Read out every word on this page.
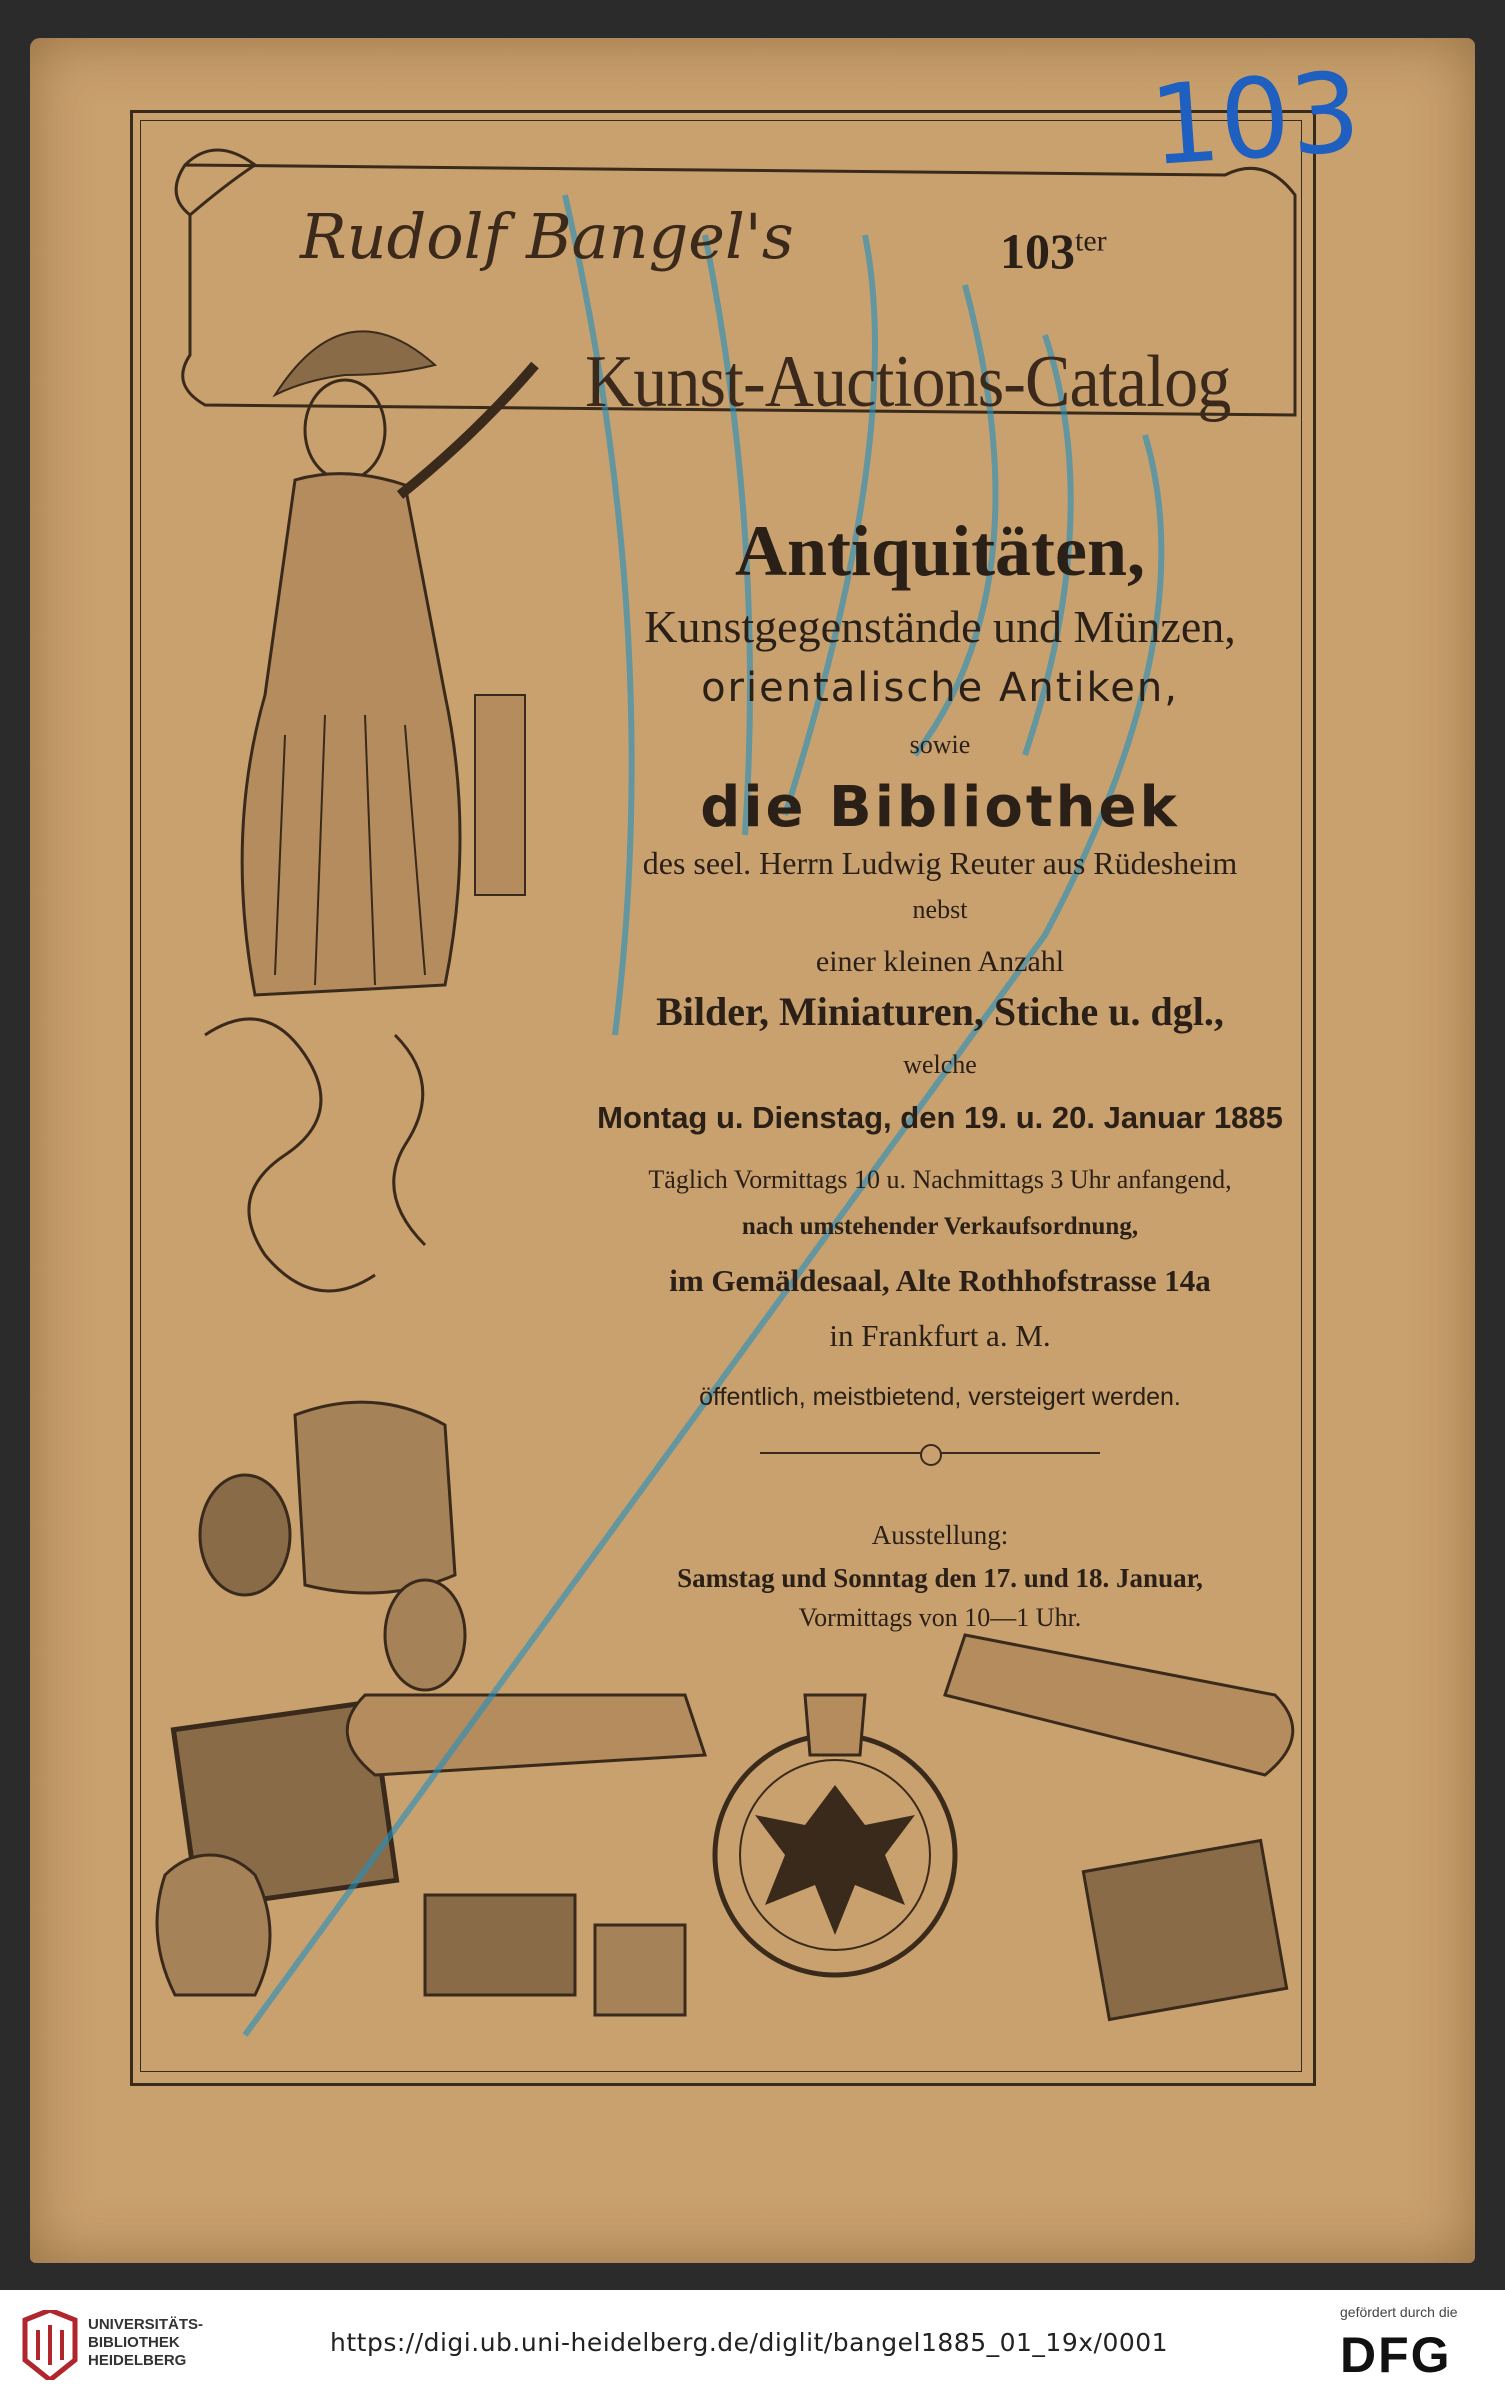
Rudolf Bangel's	$103^{ter}$
Kunst-Auctions-Catalog
103
Antiquitäten,
Kunstgegenstände und Münzen,
orientalische Antiken,
sowie
die Bibliothek
des seel. Herrn Ludwig Reuter aus Rüdesheim
nebst
einer kleinen Anzahl
Bilder, Miniaturen, Stiche u. dgl.,
welche
Montag u. Dienstag, den 19. u. 20. Januar 1885
Täglich Vormittags 10 u. Nachmittags 3 Uhr anfangend,
nach umstehender Verkaufsordnung,
im Gemäldesaal, Alte Rothhofstrasse 14a
in Frankfurt a. M.
öffentlich, meistbietend, versteigert werden.
Ausstellung:
Samstag und Sonntag den 17. und 18. Januar,
Vormittags von 10—1 Uhr.
UNIVERSITÄTS-
BIBLIOTHEK
HEIDELBERG
https://digi.ub.uni-heidelberg.de/diglit/bangel1885_01_19x/0001
gefördert durch die
DFG
